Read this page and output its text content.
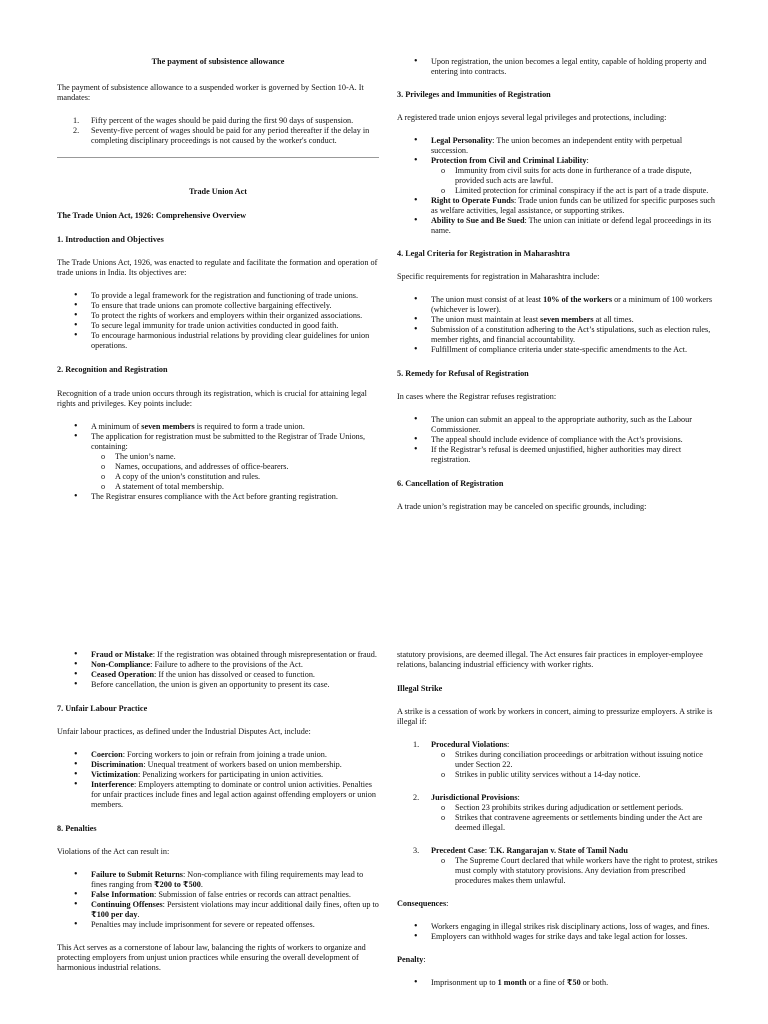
The payment of subsistence allowance

The payment of subsistence allowance to a suspended worker is governed by Section 10-A. It mandates:

1. Fifty percent of the wages should be paid during the first 90 days of suspension.
2. Seventy-five percent of wages should be paid for any period thereafter if the delay in completing disciplinary proceedings is not caused by the worker's conduct.

Trade Union Act

The Trade Union Act, 1926: Comprehensive Overview

1. Introduction and Objectives

The Trade Unions Act, 1926, was enacted to regulate and facilitate the formation and operation of trade unions in India. Its objectives are:

• To provide a legal framework for the registration and functioning of trade unions.
• To ensure that trade unions can promote collective bargaining effectively.
• To protect the rights of workers and employers within their organized associations.
• To secure legal immunity for trade union activities conducted in good faith.
• To encourage harmonious industrial relations by providing clear guidelines for union operations.

2. Recognition and Registration

Recognition of a trade union occurs through its registration, which is crucial for attaining legal rights and privileges. Key points include:

• A minimum of seven members is required to form a trade union.
• The application for registration must be submitted to the Registrar of Trade Unions, containing:
o The union’s name.
o Names, occupations, and addresses of office-bearers.
o A copy of the union’s constitution and rules.
o A statement of total membership.
• The Registrar ensures compliance with the Act before granting registration.
• Upon registration, the union becomes a legal entity, capable of holding property and entering into contracts.

3. Privileges and Immunities of Registration

A registered trade union enjoys several legal privileges and protections, including:

• Legal Personality: The union becomes an independent entity with perpetual succession.
• Protection from Civil and Criminal Liability:
o Immunity from civil suits for acts done in furtherance of a trade dispute, provided such acts are lawful.
o Limited protection for criminal conspiracy if the act is part of a trade dispute.
• Right to Operate Funds: Trade union funds can be utilized for specific purposes such as welfare activities, legal assistance, or supporting strikes.
• Ability to Sue and Be Sued: The union can initiate or defend legal proceedings in its name.

4. Legal Criteria for Registration in Maharashtra

Specific requirements for registration in Maharashtra include:

• The union must consist of at least 10% of the workers or a minimum of 100 workers (whichever is lower).
• The union must maintain at least seven members at all times.
• Submission of a constitution adhering to the Act’s stipulations, such as election rules, member rights, and financial accountability.
• Fulfillment of compliance criteria under state-specific amendments to the Act.

5. Remedy for Refusal of Registration

In cases where the Registrar refuses registration:

• The union can submit an appeal to the appropriate authority, such as the Labour Commissioner.
• The appeal should include evidence of compliance with the Act’s provisions.
• If the Registrar’s refusal is deemed unjustified, higher authorities may direct registration.

6. Cancellation of Registration

A trade union’s registration may be canceled on specific grounds, including:

• Fraud or Mistake: If the registration was obtained through misrepresentation or fraud.
• Non-Compliance: Failure to adhere to the provisions of the Act.
• Ceased Operation: If the union has dissolved or ceased to function.
• Before cancellation, the union is given an opportunity to present its case.

7. Unfair Labour Practice

Unfair labour practices, as defined under the Industrial Disputes Act, include:

• Coercion: Forcing workers to join or refrain from joining a trade union.
• Discrimination: Unequal treatment of workers based on union membership.
• Victimization: Penalizing workers for participating in union activities.
• Interference: Employers attempting to dominate or control union activities. Penalties for unfair practices include fines and legal action against offending employers or union members.

8. Penalties

Violations of the Act can result in:

• Failure to Submit Returns: Non-compliance with filing requirements may lead to fines ranging from ₹200 to ₹500.
• False Information: Submission of false entries or records can attract penalties.
• Continuing Offenses: Persistent violations may incur additional daily fines, often up to ₹100 per day.
• Penalties may include imprisonment for severe or repeated offenses.

This Act serves as a cornerstone of labour law, balancing the rights of workers to organize and protecting employers from unjust union practices while ensuring the overall development of harmonious industrial relations.

statutory provisions, are deemed illegal. The Act ensures fair practices in employer-employee relations, balancing industrial efficiency with worker rights.

Illegal Strike

A strike is a cessation of work by workers in concert, aiming to pressurize employers. A strike is illegal if:

1. Procedural Violations:
o Strikes during conciliation proceedings or arbitration without issuing notice under Section 22.
o Strikes in public utility services without a 14-day notice.
2. Jurisdictional Provisions:
o Section 23 prohibits strikes during adjudication or settlement periods.
o Strikes that contravene agreements or settlements binding under the Act are deemed illegal.
3. Precedent Case: T.K. Rangarajan v. State of Tamil Nadu
o The Supreme Court declared that while workers have the right to protest, strikes must comply with statutory provisions. Any deviation from prescribed procedures makes them unlawful.

Consequences:

• Workers engaging in illegal strikes risk disciplinary actions, loss of wages, and fines.
• Employers can withhold wages for strike days and take legal action for losses.

Penalty:

• Imprisonment up to 1 month or a fine of ₹50 or both.
